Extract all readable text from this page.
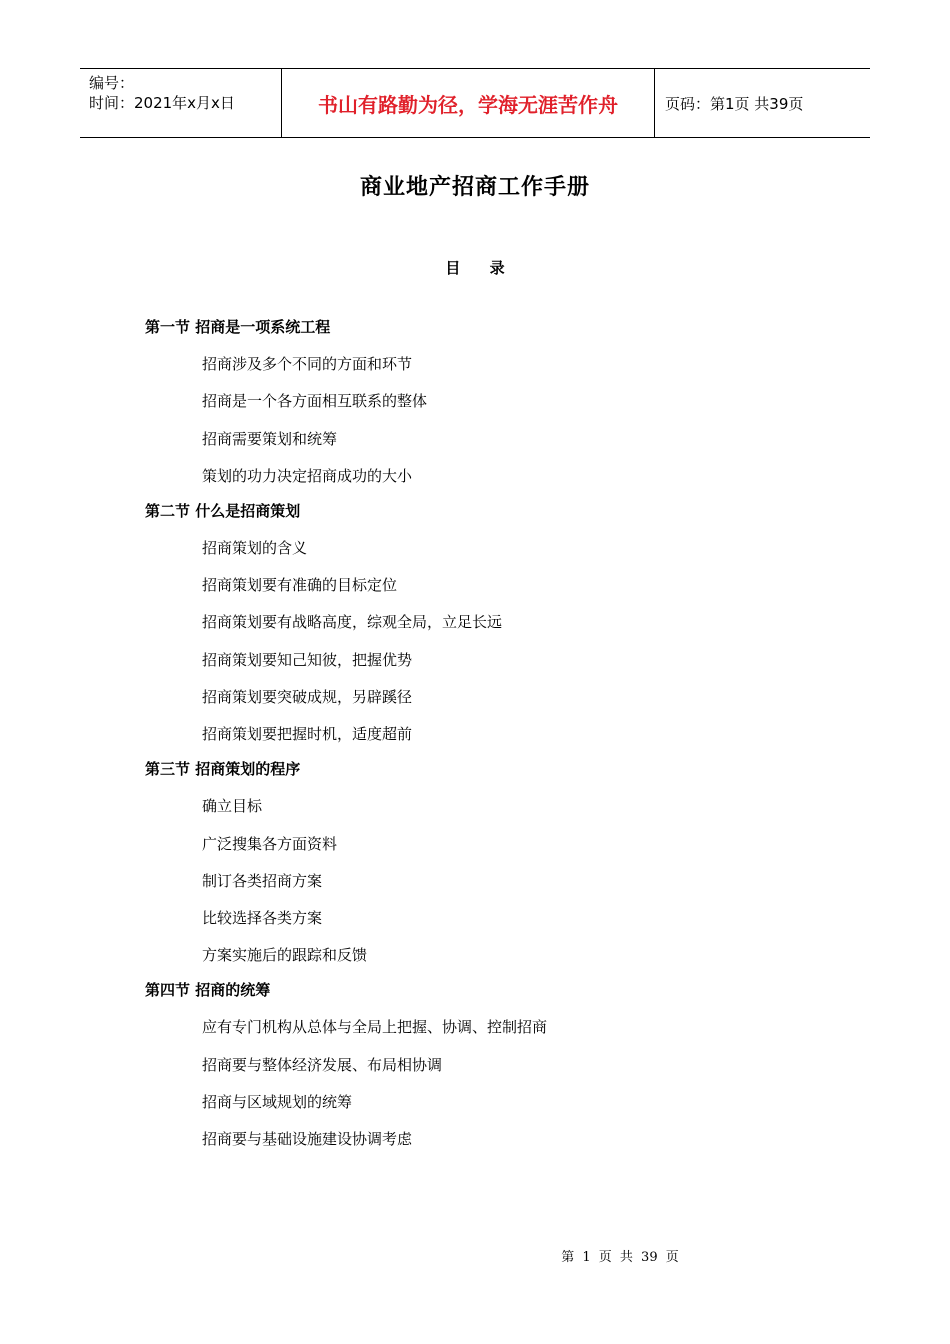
编号：
时间：2021年x月x日	书山有路勤为径，学海无涯苦作舟	页码：第1页 共39页
商业地产招商工作手册
目 录
第一节 招商是一项系统工程
招商涉及多个不同的方面和环节
招商是一个各方面相互联系的整体
招商需要策划和统筹
策划的功力决定招商成功的大小
第二节 什么是招商策划
招商策划的含义
招商策划要有准确的目标定位
招商策划要有战略高度，综观全局，立足长远
招商策划要知己知彼，把握优势
招商策划要突破成规，另辟蹊径
招商策划要把握时机，适度超前
第三节 招商策划的程序
确立目标
广泛搜集各方面资料
制订各类招商方案
比较选择各类方案
方案实施后的跟踪和反馈
第四节 招商的统筹
应有专门机构从总体与全局上把握、协调、控制招商
招商要与整体经济发展、布局相协调
招商与区域规划的统筹
招商要与基础设施建设协调考虑
第 1 页 共 39 页
